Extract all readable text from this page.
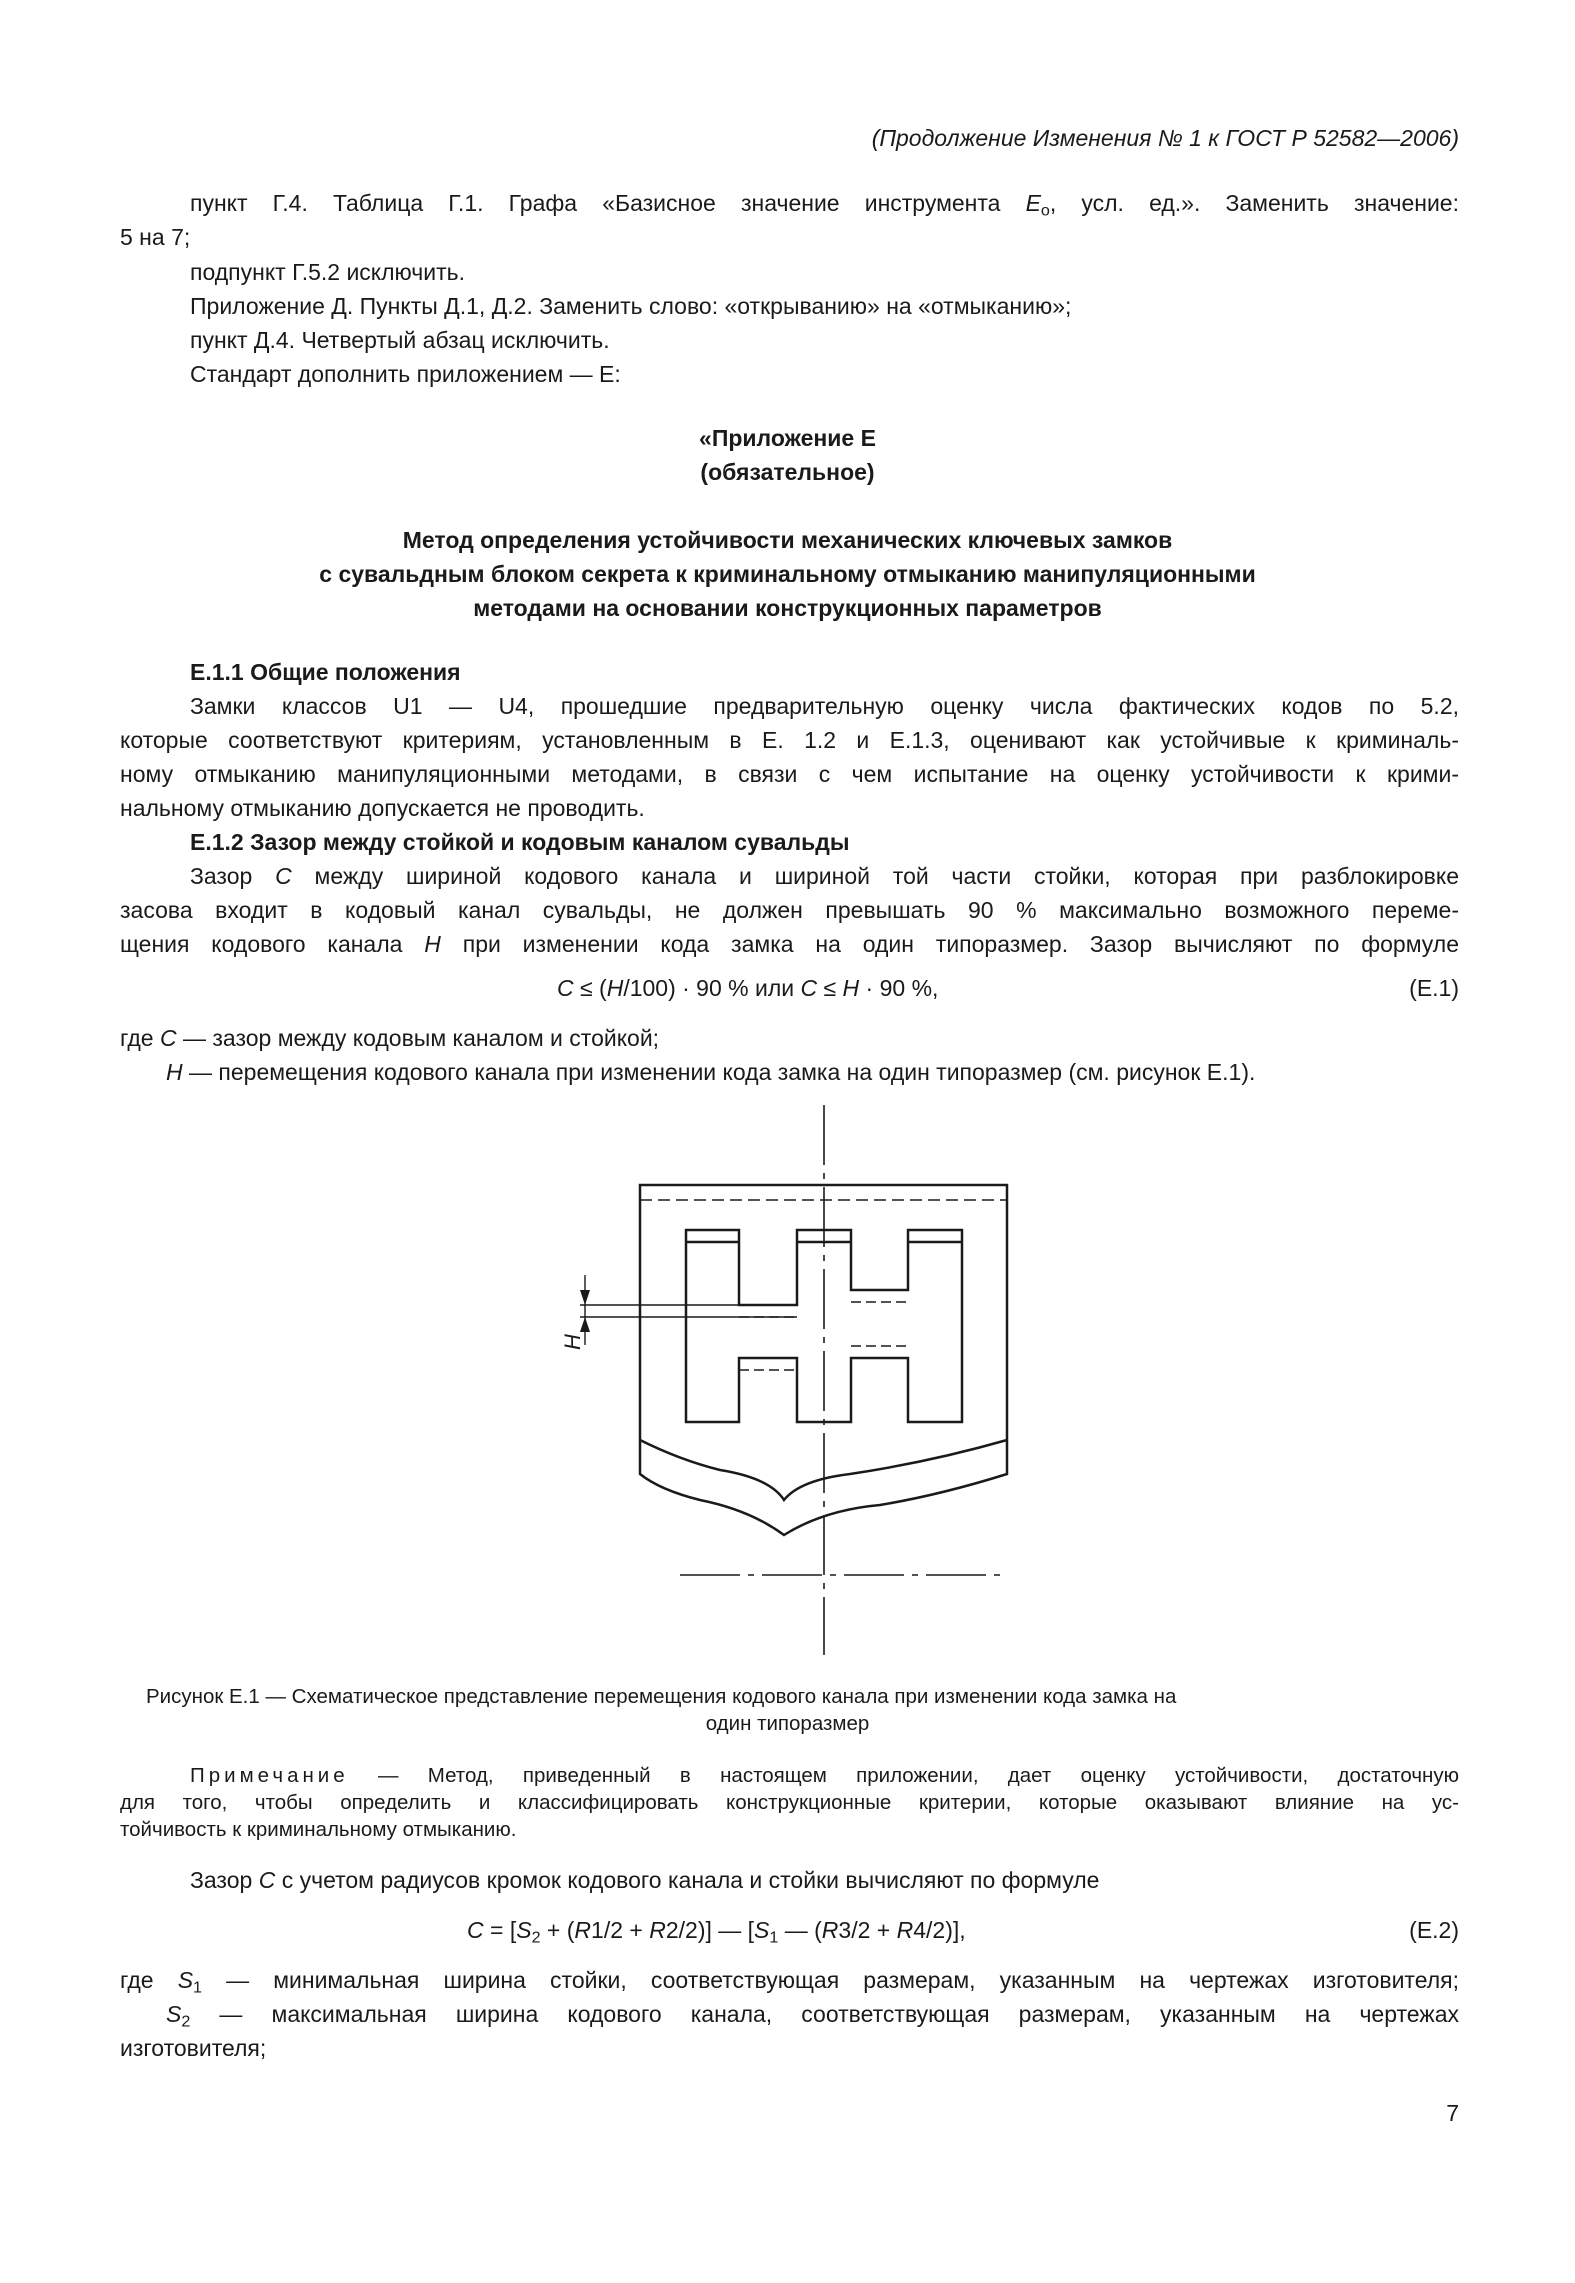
(Продолжение Изменения № 1 к ГОСТ Р 52582—2006)

пункт Г.4. Таблица Г.1. Графа «Базисное значение инструмента $E_o$, усл. ед.». Заменить значение:

5 на 7;

подпункт Г.5.2 исключить.

Приложение Д. Пункты Д.1, Д.2. Заменить слово: «открыванию» на «отмыканию»;

пункт Д.4. Четвертый абзац исключить.

Стандарт дополнить приложением — Е:

«Приложение Е

(обязательное)

Метод определения устойчивости механических ключевых замков

с сувальдным блоком секрета к криминальному отмыканию манипуляционными

методами на основании конструкционных параметров

Е.1.1 Общие положения

Замки классов U1 — U4, прошедшие предварительную оценку числа фактических кодов по 5.2,
которые соответствуют критериям, установленным в Е. 1.2 и Е.1.3, оценивают как устойчивые к криминаль-
ному отмыканию манипуляционными методами, в связи с чем испытание на оценку устойчивости к крими-

нальному отмыканию допускается не проводить.

Е.1.2 Зазор между стойкой и кодовым каналом сувальды

Зазор С между шириной кодового канала и шириной той части стойки, которая при разблокировке
засова входит в кодовый канал сувальды, не должен превышать 90 % максимально возможного переме-
щения кодового канала Н при изменении кода замка на один типоразмер. Зазор вычисляют по формуле

С ≤ (Н/100) · 90 % или С ≤ Н · 90 %,	(Е.1)

где С — зазор между кодовым каналом и стойкой;

Н — перемещения кодового канала при изменении кода замка на один типоразмер (см. рисунок Е.1).

Н

Рисунок Е.1 — Схематическое представление перемещения кодового канала при изменении кода замка на

один типоразмер

Примечание — Метод, приведенный в настоящем приложении, дает оценку устойчивости, достаточную
для того, чтобы определить и классифицировать конструкционные критерии, которые оказывают влияние на ус-

тойчивость к криминальному отмыканию.

Зазор С с учетом радиусов кромок кодового канала и стойки вычисляют по формуле

$С = [S_2 + (R1/2 + R2/2)]$ — [$S_1$ — (R3/2 + R4/2)],	(Е.2)

где $S_1$ — минимальная ширина стойки, соответствующая размерам, указанным на чертежах изготовителя;
$S_2$ — максимальная ширина кодового канала, соответствующая размерам, указанным на чертежах

изготовителя;

7
